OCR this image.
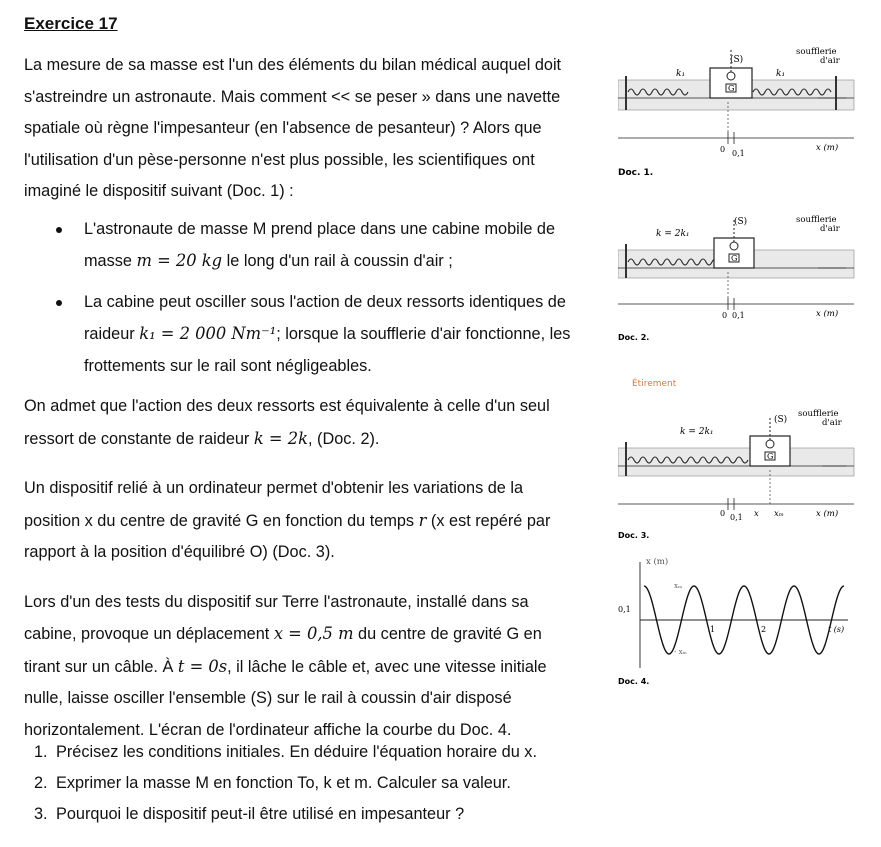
Exercice 17

La mesure de sa masse est l'un des éléments du bilan médical auquel doit

s'astreindre un astronaute. Mais comment << se peser » dans une navette

spatiale où règne l'impesanteur (en l'absence de pesanteur) ? Alors que

l'utilisation d'un pèse-personne n'est plus possible, les scientifiques ont

imaginé le dispositif suivant (Doc. 1) :

L'astronaute de masse M prend place dans une cabine mobile de
masse m = 20 kg le long d'un rail à coussin d'air ;
La cabine peut osciller sous l'action de deux ressorts identiques de
raideur k₁ = 2 000 Nm⁻¹; lorsque la soufflerie d'air fonctionne, les
frottements sur le rail sont négligeables.

On admet que l'action des deux ressorts est équivalente à celle d'un seul

ressort de constante de raideur k = 2k, (Doc. 2).

Un dispositif relié à un ordinateur permet d'obtenir les variations de la

position x du centre de gravité G en fonction du temps r (x est repéré par

rapport à la position d'équilibré O) (Doc. 3).

Lors d'un des tests du dispositif sur Terre l'astronaute, installé dans sa

cabine, provoque un déplacement x = 0,5 m du centre de gravité G en

tirant sur un câble. À t = 0s, il lâche le câble et, avec une vitesse initiale

nulle, laisse osciller l'ensemble (S) sur le rail à coussin d'air disposé

horizontalement. L'écran de l'ordinateur affiche la courbe du Doc. 4.

1. Précisez les conditions initiales. En déduire l'équation horaire du x.
2. Exprimer la masse M en fonction To, k et m. Calculer sa valeur.
3. Pourquoi le dispositif peut-il être utilisé en impesanteur ?
G
(S)
k₁	k₁
soufflerie
d'air
0 0,1
x (m)
Doc. 1.
G
(S)
k = 2k₁
soufflerie
d'air
0 0,1	x (m)
Doc. 2.
Étirement
G
(S)
k = 2k₁
soufflerie
d'air
0 0,1 x xₘ	x (m)
Doc. 3.
x (m)
0,1
xₘ
- xₘ
1	2	t (s)
Doc. 4.
